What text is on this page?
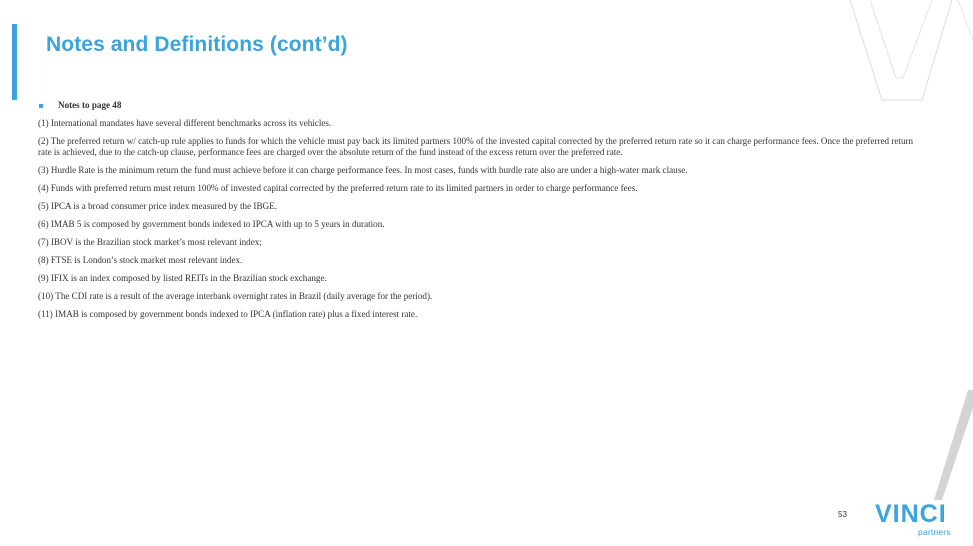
Notes and Definitions (cont’d)
Notes to page 48

(1) International mandates have several different benchmarks across its vehicles.

(2) The preferred return w/ catch-up rule applies to funds for which the vehicle must pay back its limited partners 100% of the invested capital corrected by the preferred return rate so it can charge performance fees. Once the preferred return rate is achieved, due to the catch-up clause, performance fees are charged over the absolute return of the fund instead of the excess return over the preferred rate.

(3) Hurdle Rate is the minimum return the fund must achieve before it can charge performance fees. In most cases, funds with hurdle rate also are under a high-water mark clause.

(4) Funds with preferred return must return 100% of invested capital corrected by the preferred return rate to its limited partners in order to charge performance fees.

(5) IPCA is a broad consumer price index measured by the IBGE.

(6) IMAB 5 is composed by government bonds indexed to IPCA with up to 5 years in duration.

(7) IBOV is the Brazilian stock market’s most relevant index;

(8) FTSE is London’s stock market most relevant index.

(9) IFIX is an index composed by listed REITs in the Brazilian stock exchange.

(10) The CDI rate is a result of the average interbank overnight rates in Brazil (daily average for the period).

(11) IMAB is composed by government bonds indexed to IPCA (inflation rate) plus a fixed interest rate.

53 VINCI

partners
